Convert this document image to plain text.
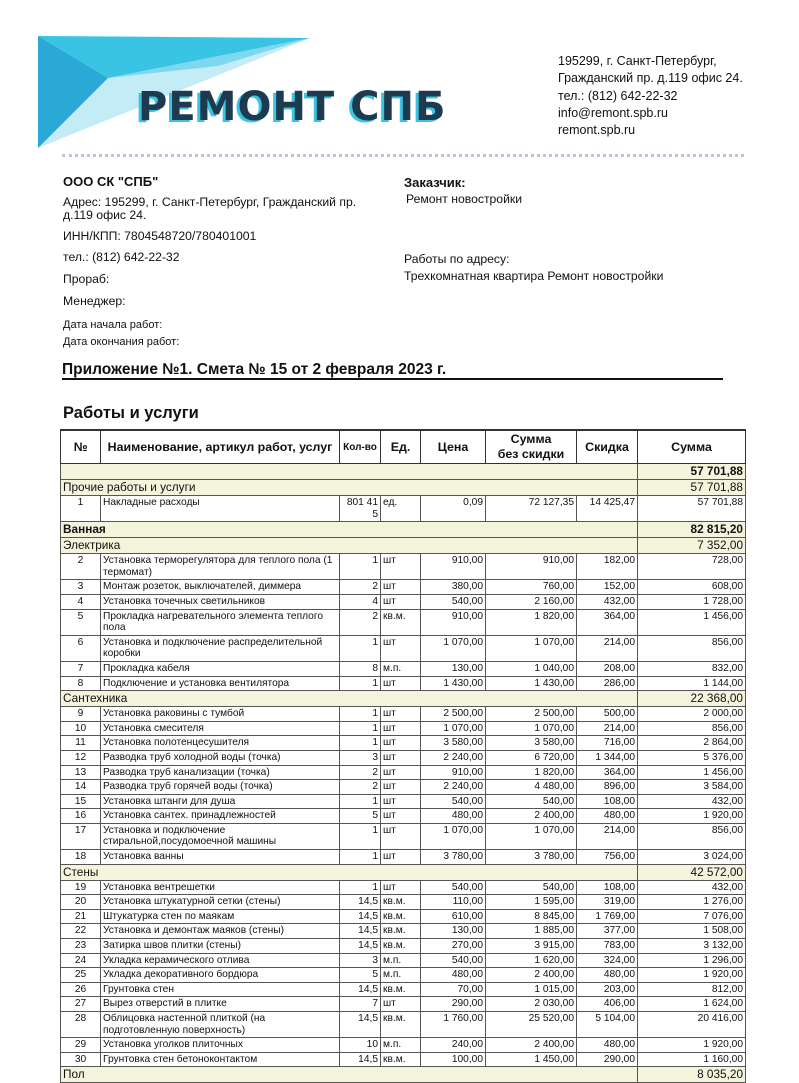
РЕМОНТ СПБ
195299, г. Санкт-Петербург,
Гражданский пр. д.119 офис 24.
тел.: (812) 642-22-32
info@remont.spb.ru
remont.spb.ru
ООО СК "СПБ"
Адрес: 195299, г. Санкт-Петербург, Гражданский пр.
д.119 офис 24.
ИНН/КПП: 7804548720/780401001
тел.: (812) 642-22-32
Прораб:
Менеджер:
Дата начала работ:
Дата окончания работ:
Заказчик:
Ремонт новостройки
Работы по адресу:
Трехкомнатная квартира Ремонт новостройки
Приложение №1. Смета № 15 от 2 февраля 2023 г.
Работы и услуги
№	Наименование, артикул работ, услуг	Кол-во	Ед.	Цена	Сумма
без скидки	Скидка	Сумма
							57 701,88
Прочие работы и услуги							57 701,88
1	Накладные расходы	801 41 5	ед.	0,09	72 127,35	14 425,47	57 701,88
Ванная							82 815,20
Электрика							7 352,00
2	Установка терморегулятора для теплого пола (1 термомат)	1	шт	910,00	910,00	182,00	728,00
3	Монтаж розеток, выключателей, диммера	2	шт	380,00	760,00	152,00	608,00
4	Установка точечных светильников	4	шт	540,00	2 160,00	432,00	1 728,00
5	Прокладка нагревательного элемента теплого пола	2	кв.м.	910,00	1 820,00	364,00	1 456,00
6	Установка и подключение распределительной коробки	1	шт	1 070,00	1 070,00	214,00	856,00
7	Прокладка кабеля	8	м.п.	130,00	1 040,00	208,00	832,00
8	Подключение и установка вентилятора	1	шт	1 430,00	1 430,00	286,00	1 144,00
Сантехника							22 368,00
9	Установка раковины с тумбой	1	шт	2 500,00	2 500,00	500,00	2 000,00
10	Установка смесителя	1	шт	1 070,00	1 070,00	214,00	856,00
11	Установка полотенцесушителя	1	шт	3 580,00	3 580,00	716,00	2 864,00
12	Разводка труб холодной воды (точка)	3	шт	2 240,00	6 720,00	1 344,00	5 376,00
13	Разводка труб канализации (точка)	2	шт	910,00	1 820,00	364,00	1 456,00
14	Разводка труб горячей воды (точка)	2	шт	2 240,00	4 480,00	896,00	3 584,00
15	Установка штанги для душа	1	шт	540,00	540,00	108,00	432,00
16	Установка сантех. принадлежностей	5	шт	480,00	2 400,00	480,00	1 920,00
17	Установка и подключение стиральной,посудомоечной машины	1	шт	1 070,00	1 070,00	214,00	856,00
18	Установка ванны	1	шт	3 780,00	3 780,00	756,00	3 024,00
Стены							42 572,00
19	Установка вентрешетки	1	шт	540,00	540,00	108,00	432,00
20	Установка штукатурной сетки (стены)	14,5	кв.м.	110,00	1 595,00	319,00	1 276,00
21	Штукатурка стен по маякам	14,5	кв.м.	610,00	8 845,00	1 769,00	7 076,00
22	Установка и демонтаж маяков (стены)	14,5	кв.м.	130,00	1 885,00	377,00	1 508,00
23	Затирка швов плитки (стены)	14,5	кв.м.	270,00	3 915,00	783,00	3 132,00
24	Укладка керамического отлива	3	м.п.	540,00	1 620,00	324,00	1 296,00
25	Укладка декоративного бордюра	5	м.п.	480,00	2 400,00	480,00	1 920,00
26	Грунтовка стен	14,5	кв.м.	70,00	1 015,00	203,00	812,00
27	Вырез отверстий в плитке	7	шт	290,00	2 030,00	406,00	1 624,00
28	Облицовка настенной плиткой (на подготовленную поверхность)	14,5	кв.м.	1 760,00	25 520,00	5 104,00	20 416,00
29	Установка уголков плиточных	10	м.п.	240,00	2 400,00	480,00	1 920,00
30	Грунтовка стен бетоноконтактом	14,5	кв.м.	100,00	1 450,00	290,00	1 160,00
Пол							8 035,20
